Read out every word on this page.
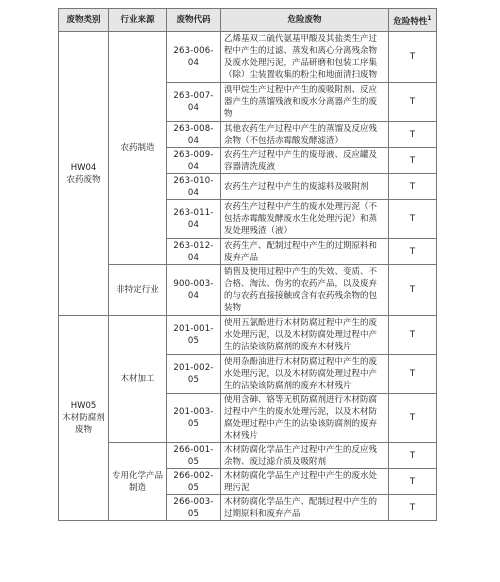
废物类别	行业来源	废物代码	危险废物	危险特性$^1$

HW04
农药废物	农药制造	263-006-04	乙烯基双二硫代氨基甲酸及其盐类生产过程中产生的过滤、蒸发和离心分离残余物及废水处理污泥，产品研磨和包装工序集（除）尘装置收集的粉尘和地面清扫废物	T
		263-007-04	溴甲烷生产过程中产生的废吸附剂、反应器产生的蒸馏残液和废水分离器产生的废物	T
		263-008-04	其他农药生产过程中产生的蒸馏及反应残余物（不包括赤霉酸发酵滤渣）	T
		263-009-04	农药生产过程中产生的废母液、反应罐及容器清洗废液	T
		263-010-04	农药生产过程中产生的废滤料及吸附剂	T
		263-011-04	农药生产过程中产生的废水处理污泥（不包括赤霉酸发酵废水生化处理污泥）和蒸发处理残渣（液）	T
		263-012-04	农药生产、配制过程中产生的过期原料和废弃产品	T
	非特定行业	900-003-04	销售及使用过程中产生的失效、变质、不合格、淘汰、伪劣的农药产品，以及废弃的与农药直接接触或含有农药残余物的包装物	T

HW05
木材防腐剂废物	木材加工	201-001-05	使用五氯酚进行木材防腐过程中产生的废水处理污泥，以及木材防腐处理过程中产生的沾染该防腐剂的废弃木材残片	T
		201-002-05	使用杂酚油进行木材防腐过程中产生的废水处理污泥，以及木材防腐处理过程中产生的沾染该防腐剂的废弃木材残片	T
		201-003-05	使用含砷、铬等无机防腐剂进行木材防腐过程中产生的废水处理污泥，以及木材防腐处理过程中产生的沾染该防腐剂的废弃木材残片	T
	专用化学产品制造	266-001-05	木材防腐化学品生产过程中产生的反应残余物、废过滤介质及吸附剂	T
		266-002-05	木材防腐化学品生产过程中产生的废水处理污泥	T
		266-003-05	木材防腐化学品生产、配制过程中产生的过期原料和废弃产品	T
